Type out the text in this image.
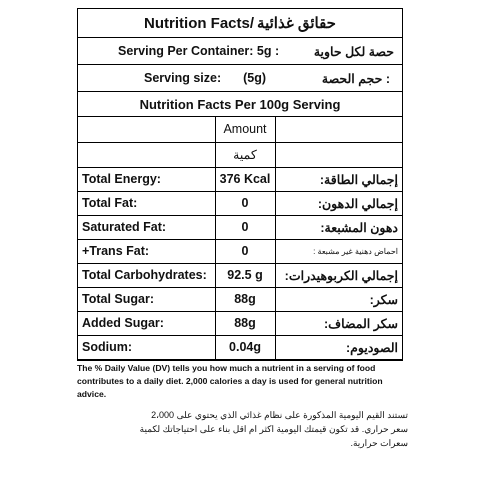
Nutrition Facts/ حقائق غذائية
Serving Per Container: 5g :	حصة لكل حاوية
Serving size: (5g)	حجم الحصة :
Nutrition Facts Per 100g Serving
	Amount	
	كمية	
Total Energy:	376 Kcal	إجمالي الطاقة:
Total Fat:	0	إجمالي الدهون:
Saturated Fat:	0	دهون المشبعة:
+Trans Fat:	0	احماض دهنية غير مشبعة :
Total Carbohydrates:	92.5 g	إجمالي الكربوهيدرات:
Total Sugar:	88g	سكر:
Added Sugar:	88g	سكر المضاف:
Sodium:	0.04g	الصوديوم:
The % Daily Value (DV) tells you how much a nutrient in a serving of food contributes to a daily diet. 2,000 calories a day is used for general nutrition advice.
تستند القيم اليومية المذكورة على نظام غذائي الذي يحتوي على 2،000 سعر حراري. قد تكون قيمتك اليومية اكثر ام اقل بناء على احتياجاتك لكمية سعرات حرارية.
